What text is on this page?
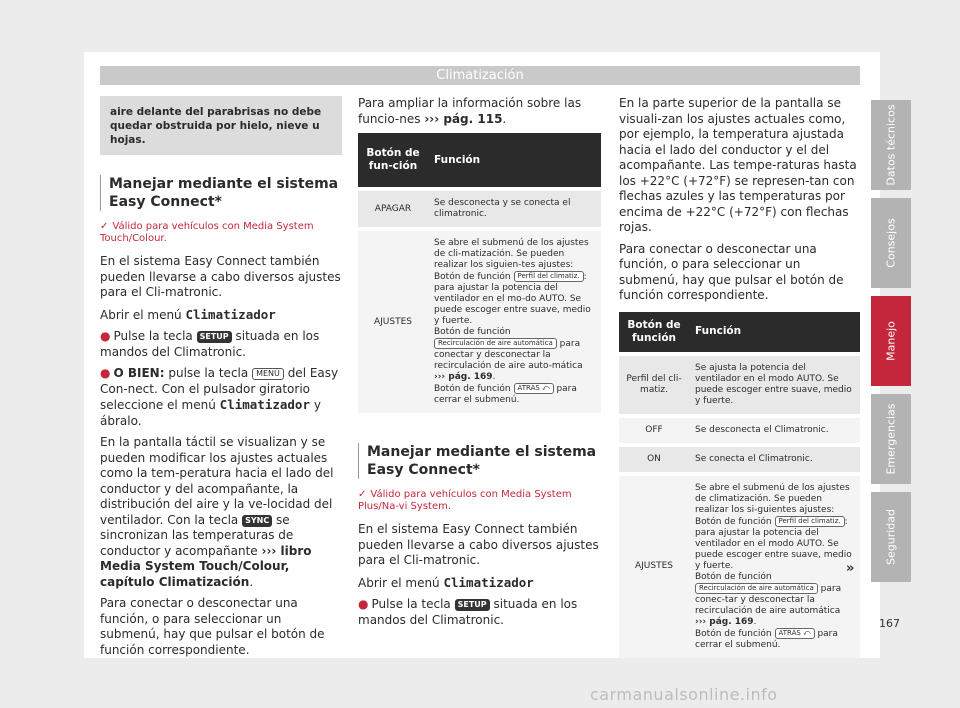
Climatización
aire delante del parabrisas no debe quedar obstruida por hielo, nieve u hojas.
Manejar mediante el sistema Easy Connect*
✓ Válido para vehículos con Media System Touch/Colour.

En el sistema Easy Connect también pueden llevarse a cabo diversos ajustes para el Cli-matronic.

Abrir el menú Climatizador

● Pulse la tecla SETUP situada en los mandos del Climatronic.

● O BIEN: pulse la tecla MENÚ del Easy Con-nect. Con el pulsador giratorio seleccione el menú Climatizador y ábralo.

En la pantalla táctil se visualizan y se pueden modificar los ajustes actuales como la tem-peratura hacia el lado del conductor y del acompañante, la distribución del aire y la ve-locidad del ventilador. Con la tecla SYNC se sincronizan las temperaturas de conductor y acompañante ››› libro Media System Touch/Colour, capítulo Climatización.

Para conectar o desconectar una función, o para seleccionar un submenú, hay que pulsar el botón de función correspondiente.

Para ampliar la información sobre las funcio-nes ››› pág. 115.

Botón de fun-ción	Función
APAGAR	Se desconecta y se conecta el climatronic.
AJUSTES	Se abre el submenú de los ajustes de cli-matización. Se pueden realizar los siguien-tes ajustes:
Botón de función Perfil del climatiz. : para ajustar la potencia del ventilador en el mo-do AUTO. Se puede escoger entre suave, medio y fuerte.
Botón de función
Recirculación de aire automática para conectar y desconectar la recirculación de aire auto-mática ››› pág. 169.
Botón de función ATRÁS ⤺ para cerrar el submenú.
Manejar mediante el sistema Easy Connect*
✓ Válido para vehículos con Media System Plus/Na-vi System.

En el sistema Easy Connect también pueden llevarse a cabo diversos ajustes para el Cli-matronic.

Abrir el menú Climatizador

● Pulse la tecla SETUP situada en los mandos del Climatronic.

En la parte superior de la pantalla se visuali-zan los ajustes actuales como, por ejemplo, la temperatura ajustada hacia el lado del conductor y el del acompañante. Las tempe-raturas hasta los +22°C (+72°F) se represen-tan con flechas azules y las temperaturas por encima de +22°C (+72°F) con flechas rojas.

Para conectar o desconectar una función, o para seleccionar un submenú, hay que pulsar el botón de función correspondiente.

Botón de función	Función
Perfil del cli-matiz.	Se ajusta la potencia del ventilador en el modo AUTO. Se puede escoger entre suave, medio y fuerte.
OFF	Se desconecta el Climatronic.
ON	Se conecta el Climatronic.
AJUSTES	Se abre el submenú de los ajustes de climatización. Se pueden realizar los si-guientes ajustes:
Botón de función Perfil del climatiz. : para ajustar la potencia del ventilador en el modo AUTO. Se puede escoger entre suave, medio y fuerte.
Botón de función
Recirculación de aire automática para conec-tar y desconectar la recirculación de aire automática ››› pág. 169.
Botón de función ATRÁS ⤺ para cerrar el submenú.
»
Datos técnicos
Consejos
Manejo
Emergencias
Seguridad
167
carmanualsonline.info
